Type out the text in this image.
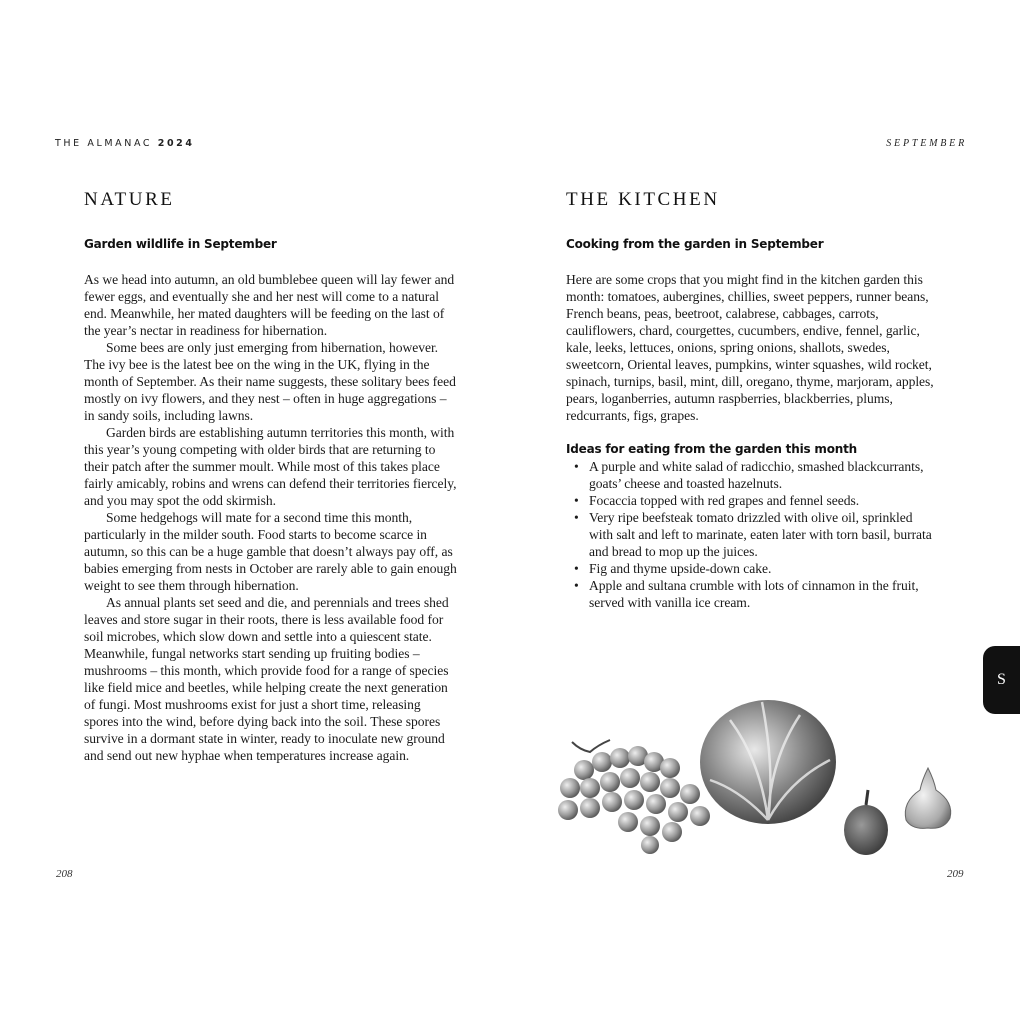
THE ALMANAC 2024	SEPTEMBER
NATURE
Garden wildlife in September

As we head into autumn, an old bumblebee queen will lay fewer and fewer eggs, and eventually she and her nest will come to a natural end. Meanwhile, her mated daughters will be feeding on the last of the year’s nectar in readiness for hibernation.

Some bees are only just emerging from hibernation, however. The ivy bee is the latest bee on the wing in the UK, flying in the month of September. As their name suggests, these solitary bees feed mostly on ivy flowers, and they nest – often in huge aggregations – in sandy soils, including lawns.

Garden birds are establishing autumn territories this month, with this year’s young competing with older birds that are returning to their patch after the summer moult. While most of this takes place fairly amicably, robins and wrens can defend their territories fiercely, and you may spot the odd skirmish.

Some hedgehogs will mate for a second time this month, particularly in the milder south. Food starts to become scarce in autumn, so this can be a huge gamble that doesn’t always pay off, as babies emerging from nests in October are rarely able to gain enough weight to see them through hibernation.

As annual plants set seed and die, and perennials and trees shed leaves and store sugar in their roots, there is less available food for soil microbes, which slow down and settle into a quiescent state. Meanwhile, fungal networks start sending up fruiting bodies – mushrooms – this month, which provide food for a range of species like field mice and beetles, while helping create the next generation of fungi. Most mushrooms exist for just a short time, releasing spores into the wind, before dying back into the soil. These spores survive in a dormant state in winter, ready to inoculate new ground and send out new hyphae when temperatures increase again.

208
THE KITCHEN
Cooking from the garden in September

Here are some crops that you might find in the kitchen garden this month: tomatoes, aubergines, chillies, sweet peppers, runner beans, French beans, peas, beetroot, calabrese, cabbages, carrots, cauliflowers, chard, courgettes, cucumbers, endive, fennel, garlic, kale, leeks, lettuces, onions, spring onions, shallots, swedes, sweetcorn, Oriental leaves, pumpkins, winter squashes, wild rocket, spinach, turnips, basil, mint, dill, oregano, thyme, marjoram, apples, pears, loganberries, autumn raspberries, blackberries, plums, redcurrants, figs, grapes.

Ideas for eating from the garden this month
• A purple and white salad of radicchio, smashed blackcurrants, goats’ cheese and toasted hazelnuts.
• Focaccia topped with red grapes and fennel seeds.
• Very ripe beefsteak tomato drizzled with olive oil, sprinkled with salt and left to marinate, eaten later with torn basil, burrata and bread to mop up the juices.
• Fig and thyme upside-down cake.
• Apple and sultana crumble with lots of cinnamon in the fruit, served with vanilla ice cream.
209
S
